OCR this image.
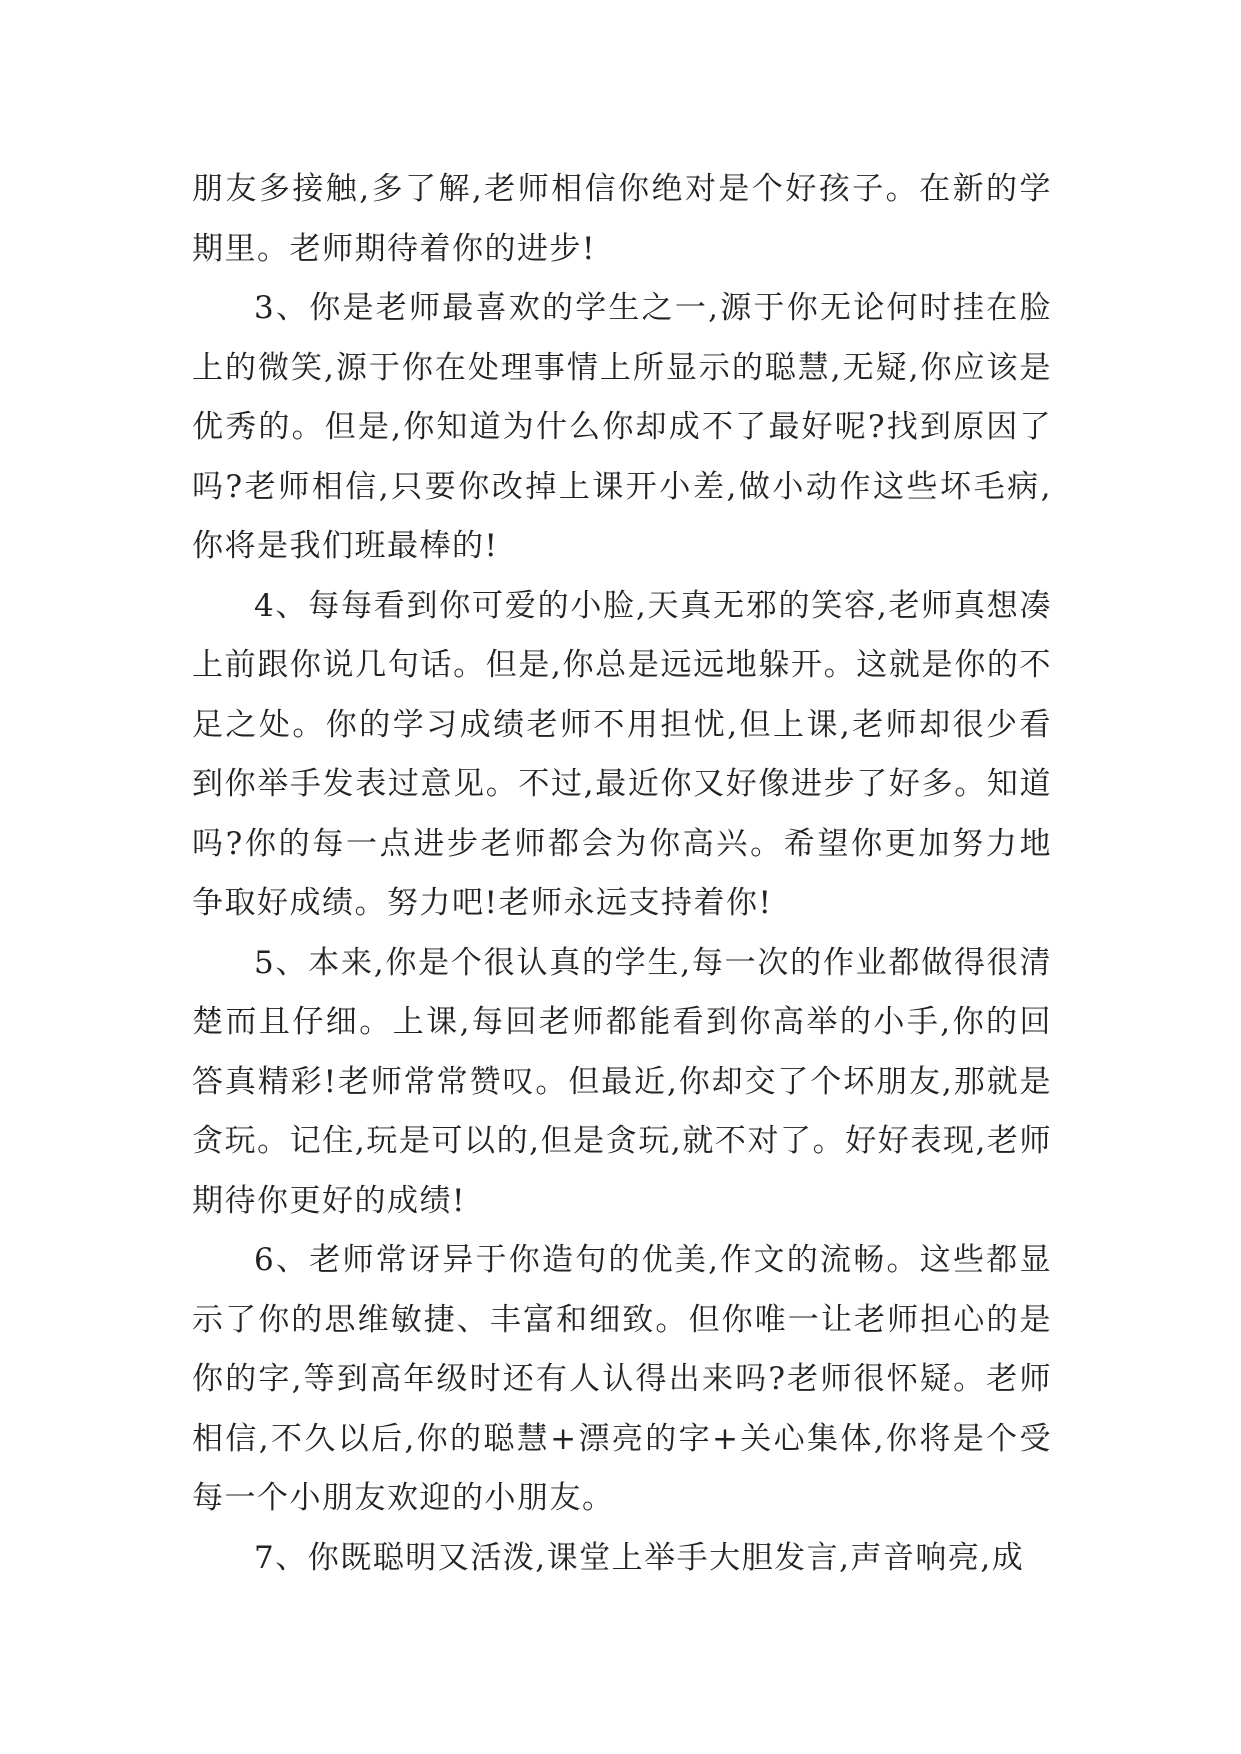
朋友多接触,多了解,老师相信你绝对是个好孩子。在新的学期里。老师期待着你的进步!

3、你是老师最喜欢的学生之一,源于你无论何时挂在脸上的微笑,源于你在处理事情上所显示的聪慧,无疑,你应该是优秀的。但是,你知道为什么你却成不了最好呢?找到原因了吗?老师相信,只要你改掉上课开小差,做小动作这些坏毛病,你将是我们班最棒的!

4、每每看到你可爱的小脸,天真无邪的笑容,老师真想凑上前跟你说几句话。但是,你总是远远地躲开。这就是你的不足之处。你的学习成绩老师不用担忧,但上课,老师却很少看到你举手发表过意见。不过,最近你又好像进步了好多。知道吗?你的每一点进步老师都会为你高兴。希望你更加努力地争取好成绩。努力吧!老师永远支持着你!

5、本来,你是个很认真的学生,每一次的作业都做得很清楚而且仔细。上课,每回老师都能看到你高举的小手,你的回答真精彩!老师常常赞叹。但最近,你却交了个坏朋友,那就是贪玩。记住,玩是可以的,但是贪玩,就不对了。好好表现,老师期待你更好的成绩!

6、老师常讶异于你造句的优美,作文的流畅。这些都显示了你的思维敏捷、丰富和细致。但你唯一让老师担心的是你的字,等到高年级时还有人认得出来吗?老师很怀疑。老师相信,不久以后,你的聪慧+漂亮的字+关心集体,你将是个受每一个小朋友欢迎的小朋友。

7、你既聪明又活泼,课堂上举手大胆发言,声音响亮,成
